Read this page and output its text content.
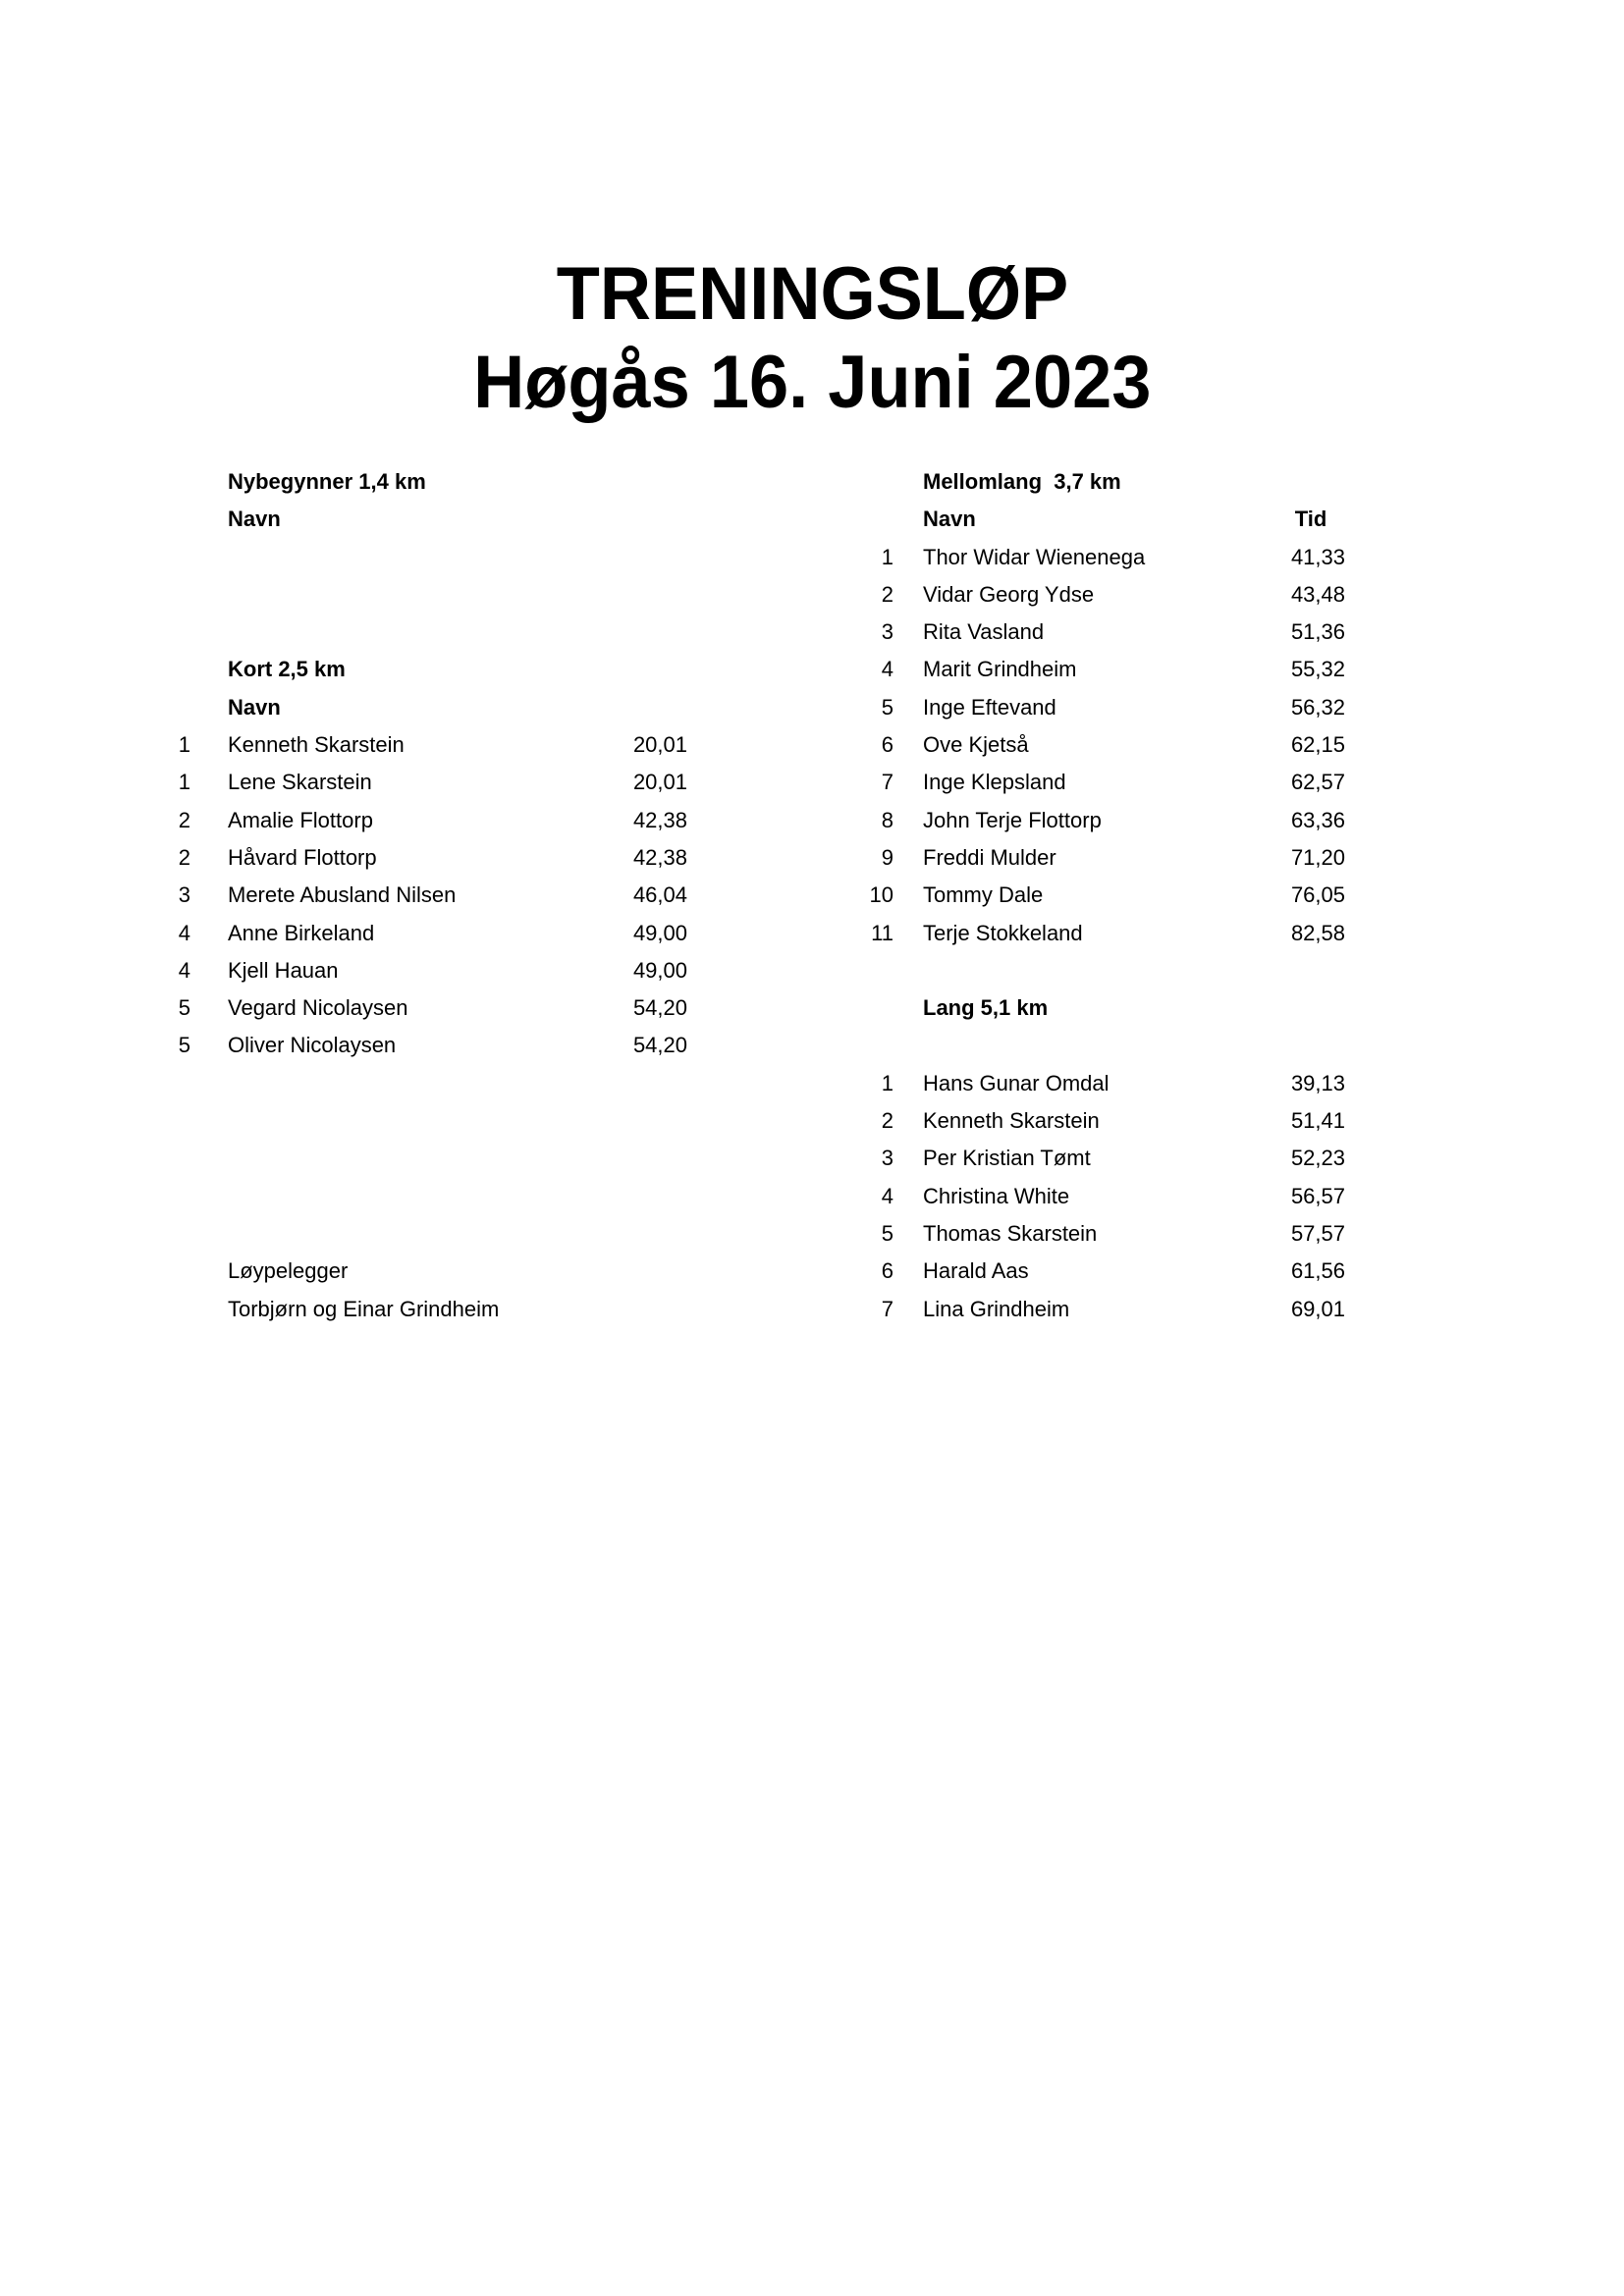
TRENINGSLØP
Høgås 16. Juni 2023
Nybegynner 1,4 km
Navn
Kort 2,5 km
Navn
1 Kenneth Skarstein	20,01
1 Lene Skarstein	20,01
2 Amalie Flottorp	42,38
2 Håvard Flottorp	42,38
3 Merete Abusland Nilsen	46,04
4 Anne Birkeland	49,00
4 Kjell Hauan	49,00
5 Vegard Nicolaysen	54,20
5 Oliver Nicolaysen	54,20
Løypelegger
Torbjørn og Einar Grindheim
Mellomlang  3,7 km
Navn	Tid
1 Thor Widar Wienenega	41,33
2 Vidar Georg Ydse	43,48
3 Rita Vasland	51,36
4 Marit Grindheim	55,32
5 Inge Eftevand	56,32
6 Ove Kjetså	62,15
7 Inge Klepsland	62,57
8 John Terje Flottorp	63,36
9 Freddi Mulder	71,20
10 Tommy Dale	76,05
11 Terje Stokkeland	82,58
Lang 5,1 km
1 Hans Gunar Omdal	39,13
2 Kenneth Skarstein	51,41
3 Per Kristian Tømt	52,23
4 Christina White	56,57
5 Thomas Skarstein	57,57
6 Harald Aas	61,56
7 Lina Grindheim	69,01
